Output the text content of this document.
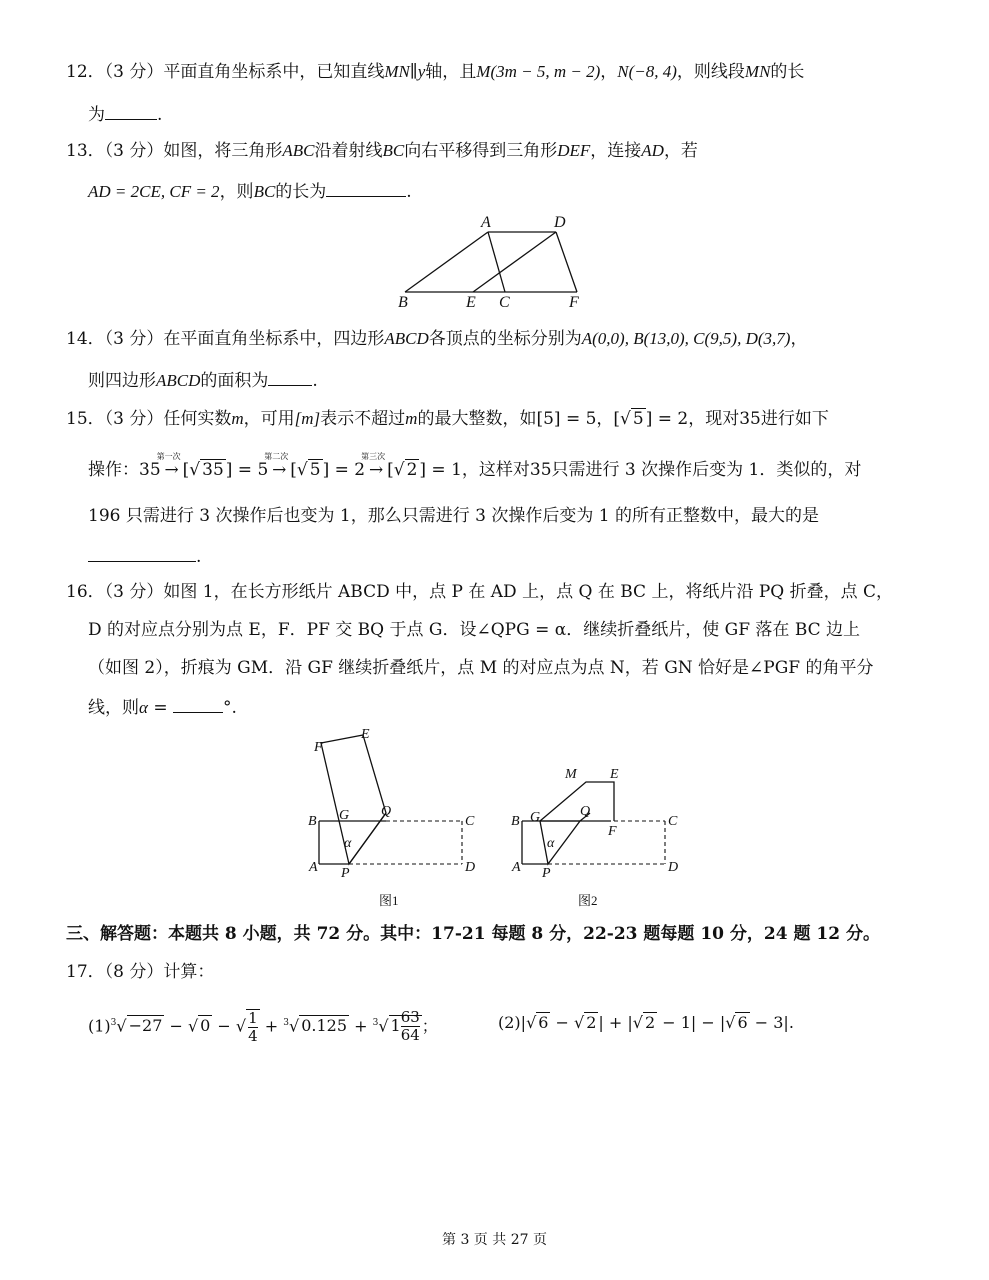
12．（3 分）平面直角坐标系中，已知直线MN∥y轴，且M(3m − 5, m − 2)，N(−8, 4)，则线段MN的长
为	.
13．（3 分）如图，将三角形ABC沿着射线BC向右平移得到三角形DEF，连接AD，若
AD = 2CE, CF = 2，则BC的长为	.
A	D
B	E C	F
14．（3 分）在平面直角坐标系中，四边形ABCD各顶点的坐标分别为A(0,0), B(13,0), C(9,5), D(3,7)，
则四边形ABCD的面积为	.
15．（3 分）任何实数m，可用[m]表示不超过m的最大整数，如[5] = 5，[√ 5 ] = 2，现对35进行如下
操作：35
第一次
→ [√ 35 ] = 5
第二次
→ [√ 5 ] = 2
第三次
→ [√ 2 ] = 1，这样对35只需进行 3 次操作后变为 1．类似的，对
196 只需进行 3 次操作后也变为 1，那么只需进行 3 次操作后变为 1 的所有正整数中，最大的是
.
16．（3 分）如图 1，在长方形纸片 ABCD 中，点 P 在 AD 上，点 Q 在 BC 上，将纸片沿 PQ 折叠，点 C，
D 的对应点分别为点 E，F．PF 交 BQ 于点 G．设∠QPG = α．继续折叠纸片，使 GF 落在 BC 边上
（如图 2），折痕为 GM．沿 GF 继续折叠纸片，点 M 的对应点为点 N，若 GN 恰好是∠PGF 的角平分
线，则α =	°.
F
E
B G Q
C
α
A P	D
图1
M E
B G	Q
F
C
α
A P	D
图2
三、解答题：本题共 8 小题，共 72 分。其中：17-21 每题 8 分，22-23 题每题 10 分，24 题 12 分。
17．（8 分）计算：
$(1)^3√ -27$ − √ 0 − √ $\frac{1}{4} + ^3√$ 0.125 + $^3$√ $1 \frac{63}{64}$ ；	(2)|√ 6 − √ 2 | + |√ 2 − 1| − |√ 6 − 3|.
第 3 页 共 27 页
